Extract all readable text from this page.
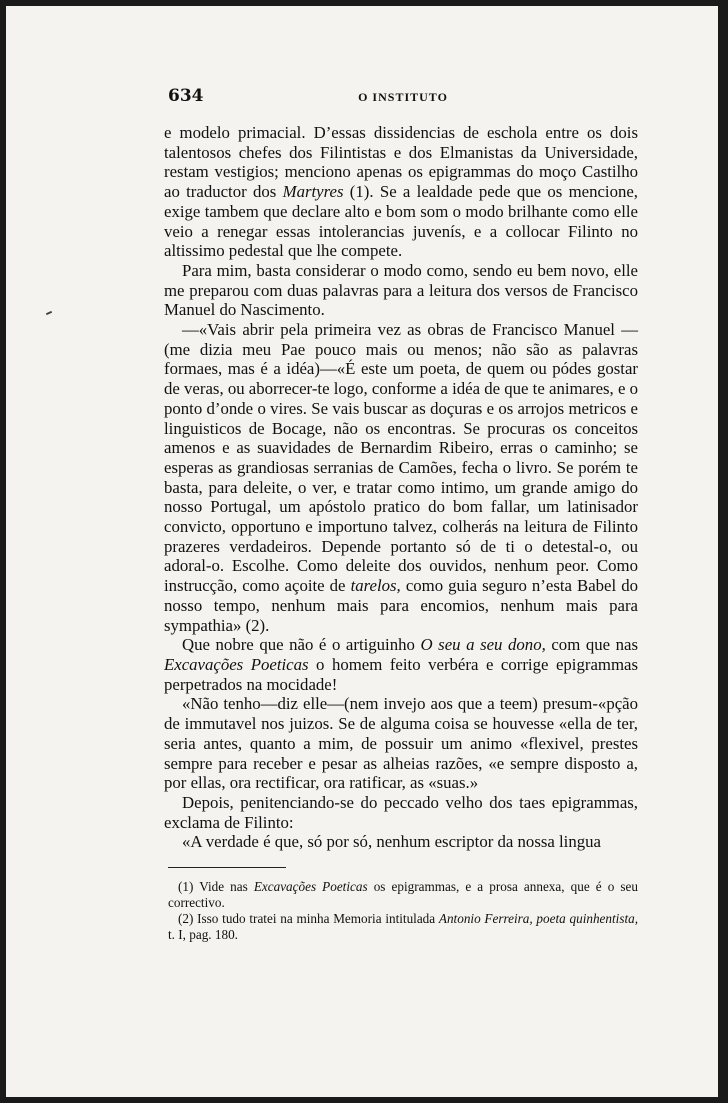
634	O INSTITUTO

e modelo primacial. D’essas dissidencias de eschola entre os dois talentosos chefes dos Filintistas e dos Elmanistas da Universidade, restam vestigios; menciono apenas os epigrammas do moço Castilho ao traductor dos Martyres (1). Se a lealdade pede que os mencione, exige tambem que declare alto e bom som o modo brilhante como elle veio a renegar essas intolerancias juvenís, e a collocar Filinto no altissimo pedestal que lhe compete.

Para mim, basta considerar o modo como, sendo eu bem novo, elle me preparou com duas palavras para a leitura dos versos de Francisco Manuel do Nascimento.

—«Vais abrir pela primeira vez as obras de Francisco Manuel —(me dizia meu Pae pouco mais ou menos; não são as palavras formaes, mas é a idéa)—«É este um poeta, de quem ou pódes gostar de veras, ou aborrecer-te logo, conforme a idéa de que te animares, e o ponto d’onde o vires. Se vais buscar as doçuras e os arrojos metricos e linguisticos de Bocage, não os encontras. Se procuras os conceitos amenos e as suavidades de Bernardim Ribeiro, erras o caminho; se esperas as grandiosas serranias de Camões, fecha o livro. Se porém te basta, para deleite, o ver, e tratar como intimo, um grande amigo do nosso Portugal, um apóstolo pratico do bom fallar, um latinisador convicto, opportuno e importuno talvez, colherás na leitura de Filinto prazeres verdadeiros. Depende portanto só de ti o detestal-o, ou adoral-o. Escolhe. Como deleite dos ouvidos, nenhum peor. Como instrucção, como açoite de tarelos, como guia seguro n’esta Babel do nosso tempo, nenhum mais para encomios, nenhum mais para sympathia» (2).

Que nobre que não é o artiguinho O seu a seu dono, com que nas Excavações Poeticas o homem feito verbéra e corrige epigrammas perpetrados na mocidade!

«Não tenho—diz elle—(nem invejo aos que a teem) presum-«pção de immutavel nos juizos. Se de alguma coisa se houvesse «ella de ter, seria antes, quanto a mim, de possuir um animo «flexivel, prestes sempre para receber e pesar as alheias razões, «e sempre disposto a, por ellas, ora rectificar, ora ratificar, as «suas.»

Depois, penitenciando-se do peccado velho dos taes epigrammas, exclama de Filinto:

«A verdade é que, só por só, nenhum escriptor da nossa lingua

(1) Vide nas Excavações Poeticas os epigrammas, e a prosa annexa, que é o seu correctivo.

(2) Isso tudo tratei na minha Memoria intitulada Antonio Ferreira, poeta quinhentista, t. I, pag. 180.
